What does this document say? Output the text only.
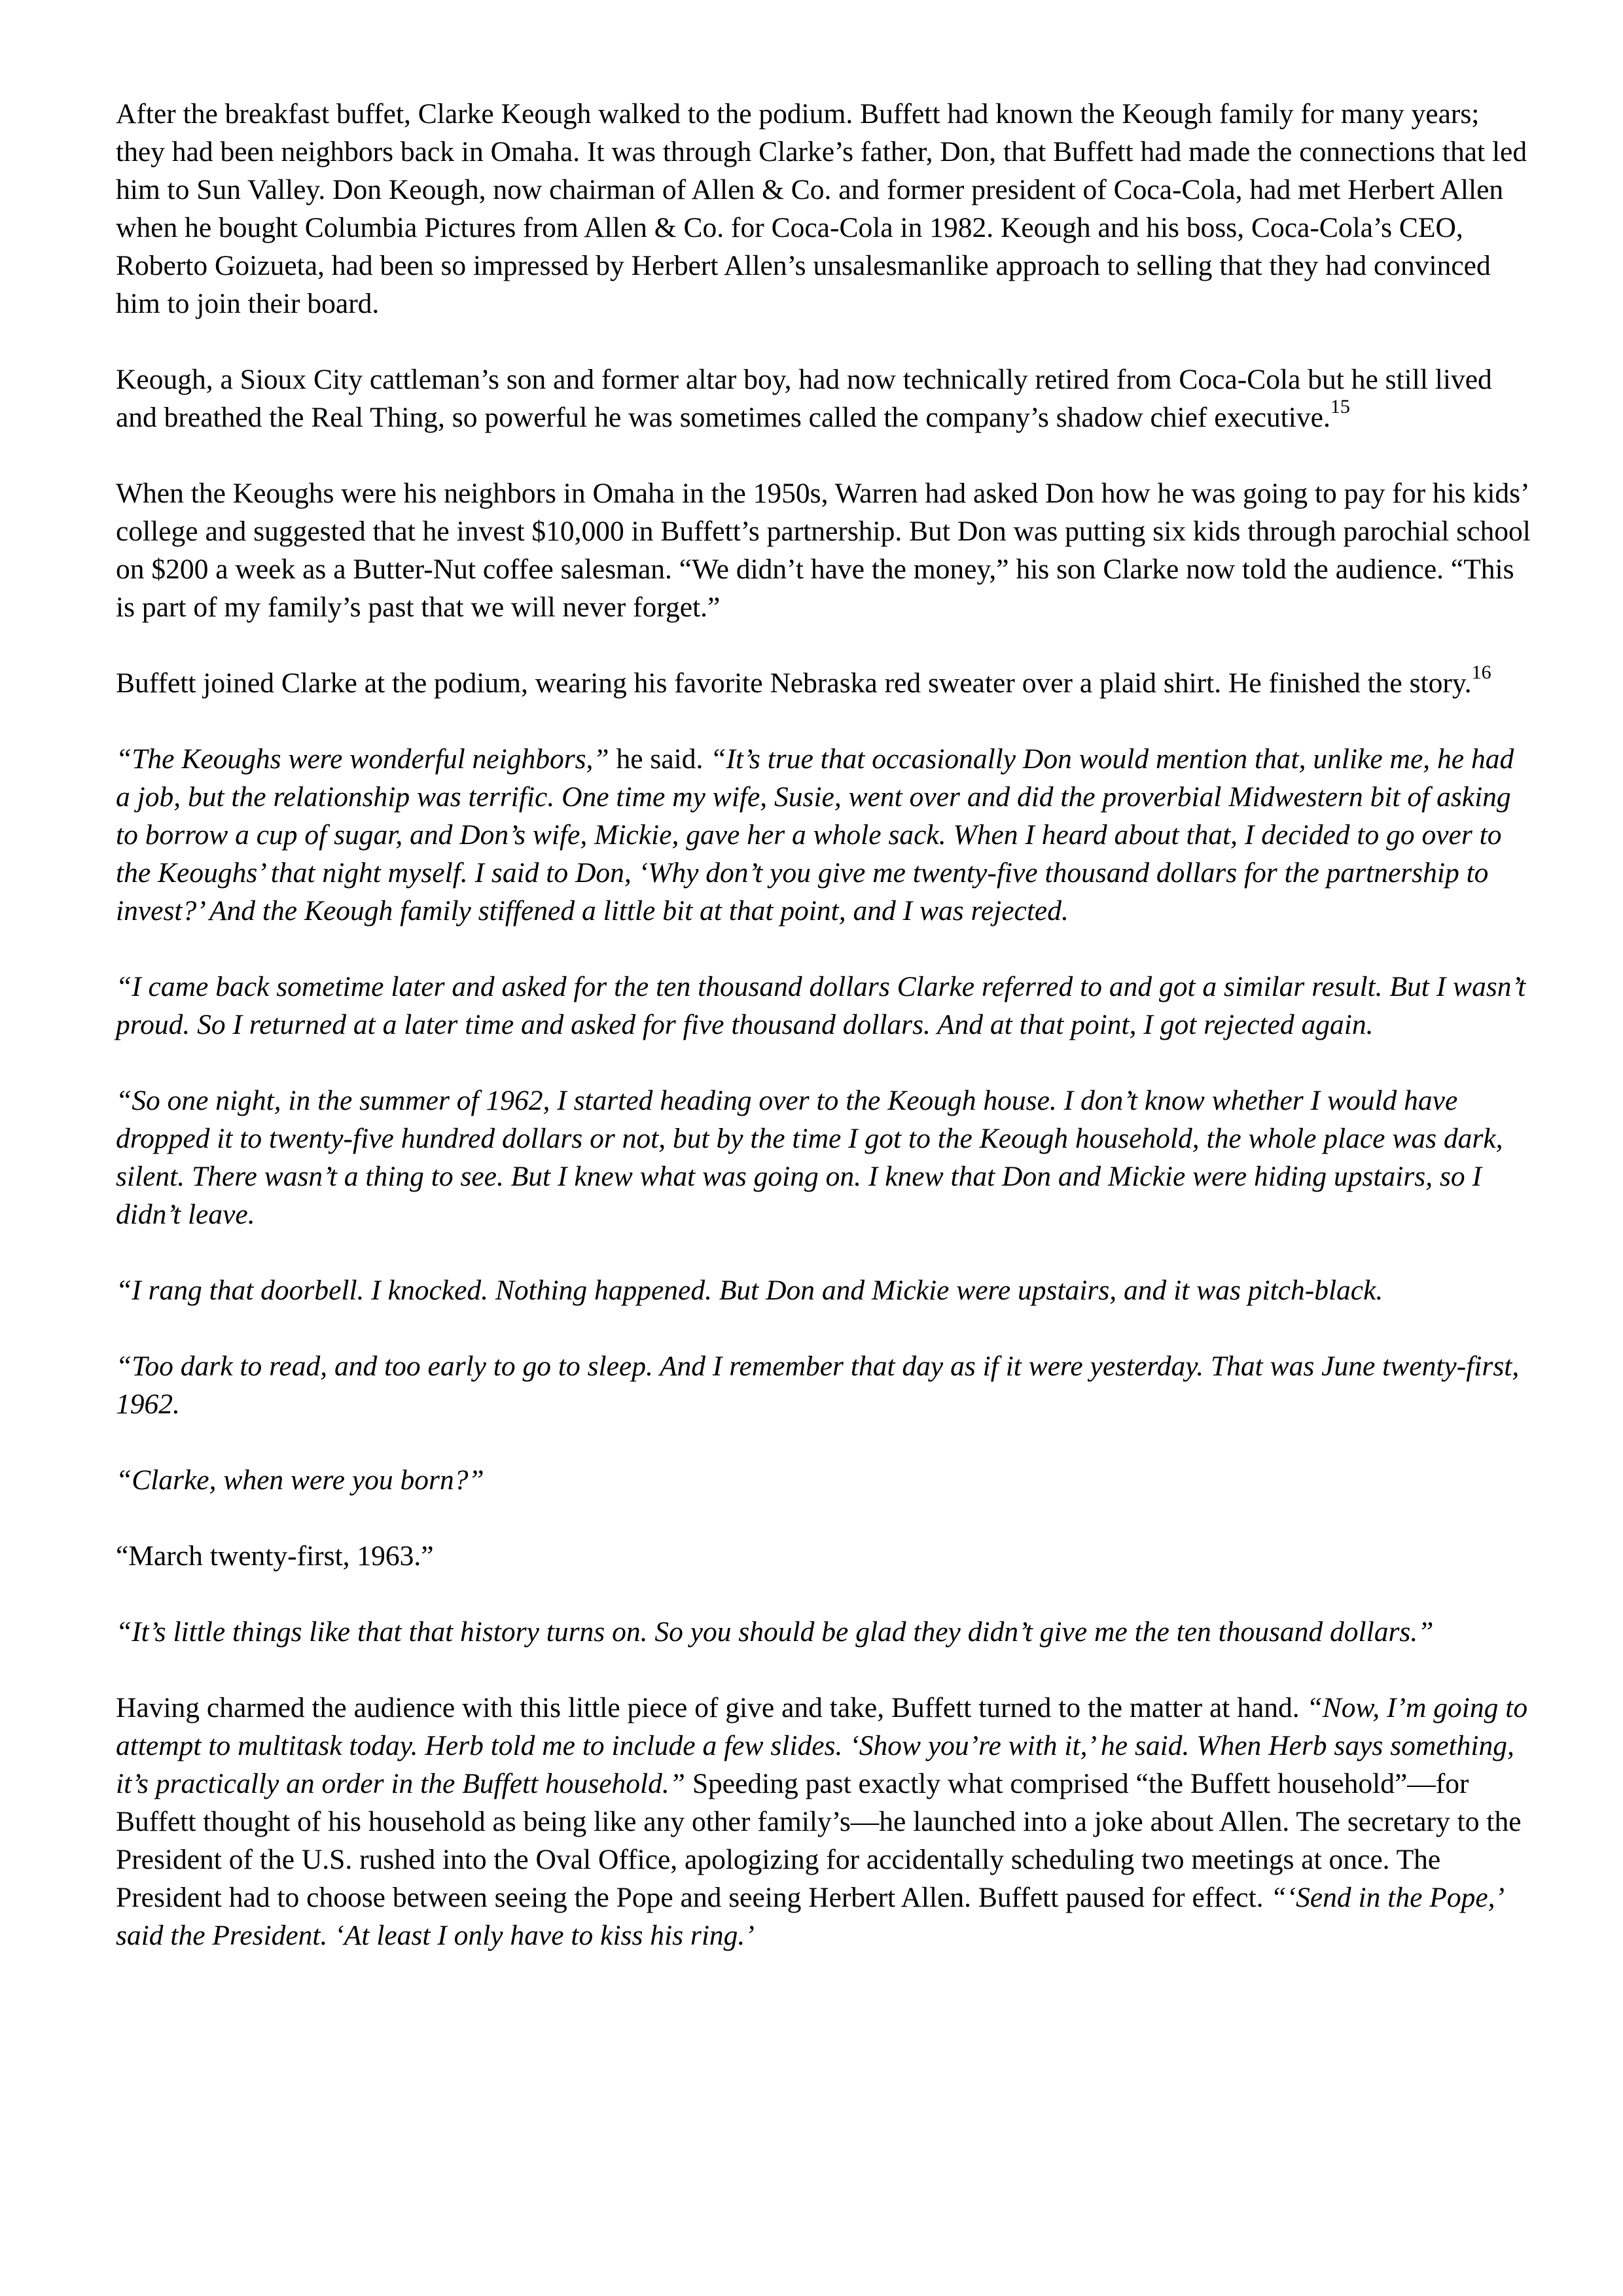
After the breakfast buffet, Clarke Keough walked to the podium. Buffett had known the Keough family for many years; they had been neighbors back in Omaha. It was through Clarke’s father, Don, that Buffett had made the connections that led him to Sun Valley. Don Keough, now chairman of Allen & Co. and former president of Coca-Cola, had met Herbert Allen when he bought Columbia Pictures from Allen & Co. for Coca-Cola in 1982. Keough and his boss, Coca-Cola’s CEO, Roberto Goizueta, had been so impressed by Herbert Allen’s unsalesmanlike approach to selling that they had convinced him to join their board.

Keough, a Sioux City cattleman’s son and former altar boy, had now technically retired from Coca-Cola but he still lived and breathed the Real Thing, so powerful he was sometimes called the company’s shadow chief executive.$^{15}$

When the Keoughs were his neighbors in Omaha in the 1950s, Warren had asked Don how he was going to pay for his kids’ college and suggested that he invest $10,000 in Buffett’s partnership. But Don was putting six kids through parochial school on $200 a week as a Butter-Nut coffee salesman. “We didn’t have the money,” his son Clarke now told the audience. “This is part of my family’s past that we will never forget.”

Buffett joined Clarke at the podium, wearing his favorite Nebraska red sweater over a plaid shirt. He finished the story.$^{16}$

“The Keoughs were wonderful neighbors,” he said. “It’s true that occasionally Don would mention that, unlike me, he had a job, but the relationship was terrific. One time my wife, Susie, went over and did the proverbial Midwestern bit of asking to borrow a cup of sugar, and Don’s wife, Mickie, gave her a whole sack. When I heard about that, I decided to go over to the Keoughs’ that night myself. I said to Don, ‘Why don’t you give me twenty-five thousand dollars for the partnership to invest?’ And the Keough family stiffened a little bit at that point, and I was rejected.

“I came back sometime later and asked for the ten thousand dollars Clarke referred to and got a similar result. But I wasn’t proud. So I returned at a later time and asked for five thousand dollars. And at that point, I got rejected again.

“So one night, in the summer of 1962, I started heading over to the Keough house. I don’t know whether I would have dropped it to twenty-five hundred dollars or not, but by the time I got to the Keough household, the whole place was dark, silent. There wasn’t a thing to see. But I knew what was going on. I knew that Don and Mickie were hiding upstairs, so I didn’t leave.

“I rang that doorbell. I knocked. Nothing happened. But Don and Mickie were upstairs, and it was pitch-black.

“Too dark to read, and too early to go to sleep. And I remember that day as if it were yesterday. That was June twenty-first, 1962.

“Clarke, when were you born?”

“March twenty-first, 1963.”

“It’s little things like that that history turns on. So you should be glad they didn’t give me the ten thousand dollars.”

Having charmed the audience with this little piece of give and take, Buffett turned to the matter at hand. “Now, I’m going to attempt to multitask today. Herb told me to include a few slides. ‘Show you’re with it,’ he said. When Herb says something, it’s practically an order in the Buffett household.” Speeding past exactly what comprised “the Buffett household”—for Buffett thought of his household as being like any other family’s—he launched into a joke about Allen. The secretary to the President of the U.S. rushed into the Oval Office, apologizing for accidentally scheduling two meetings at once. The President had to choose between seeing the Pope and seeing Herbert Allen. Buffett paused for effect. “‘Send in the Pope,’ said the President. ‘At least I only have to kiss his ring.’
